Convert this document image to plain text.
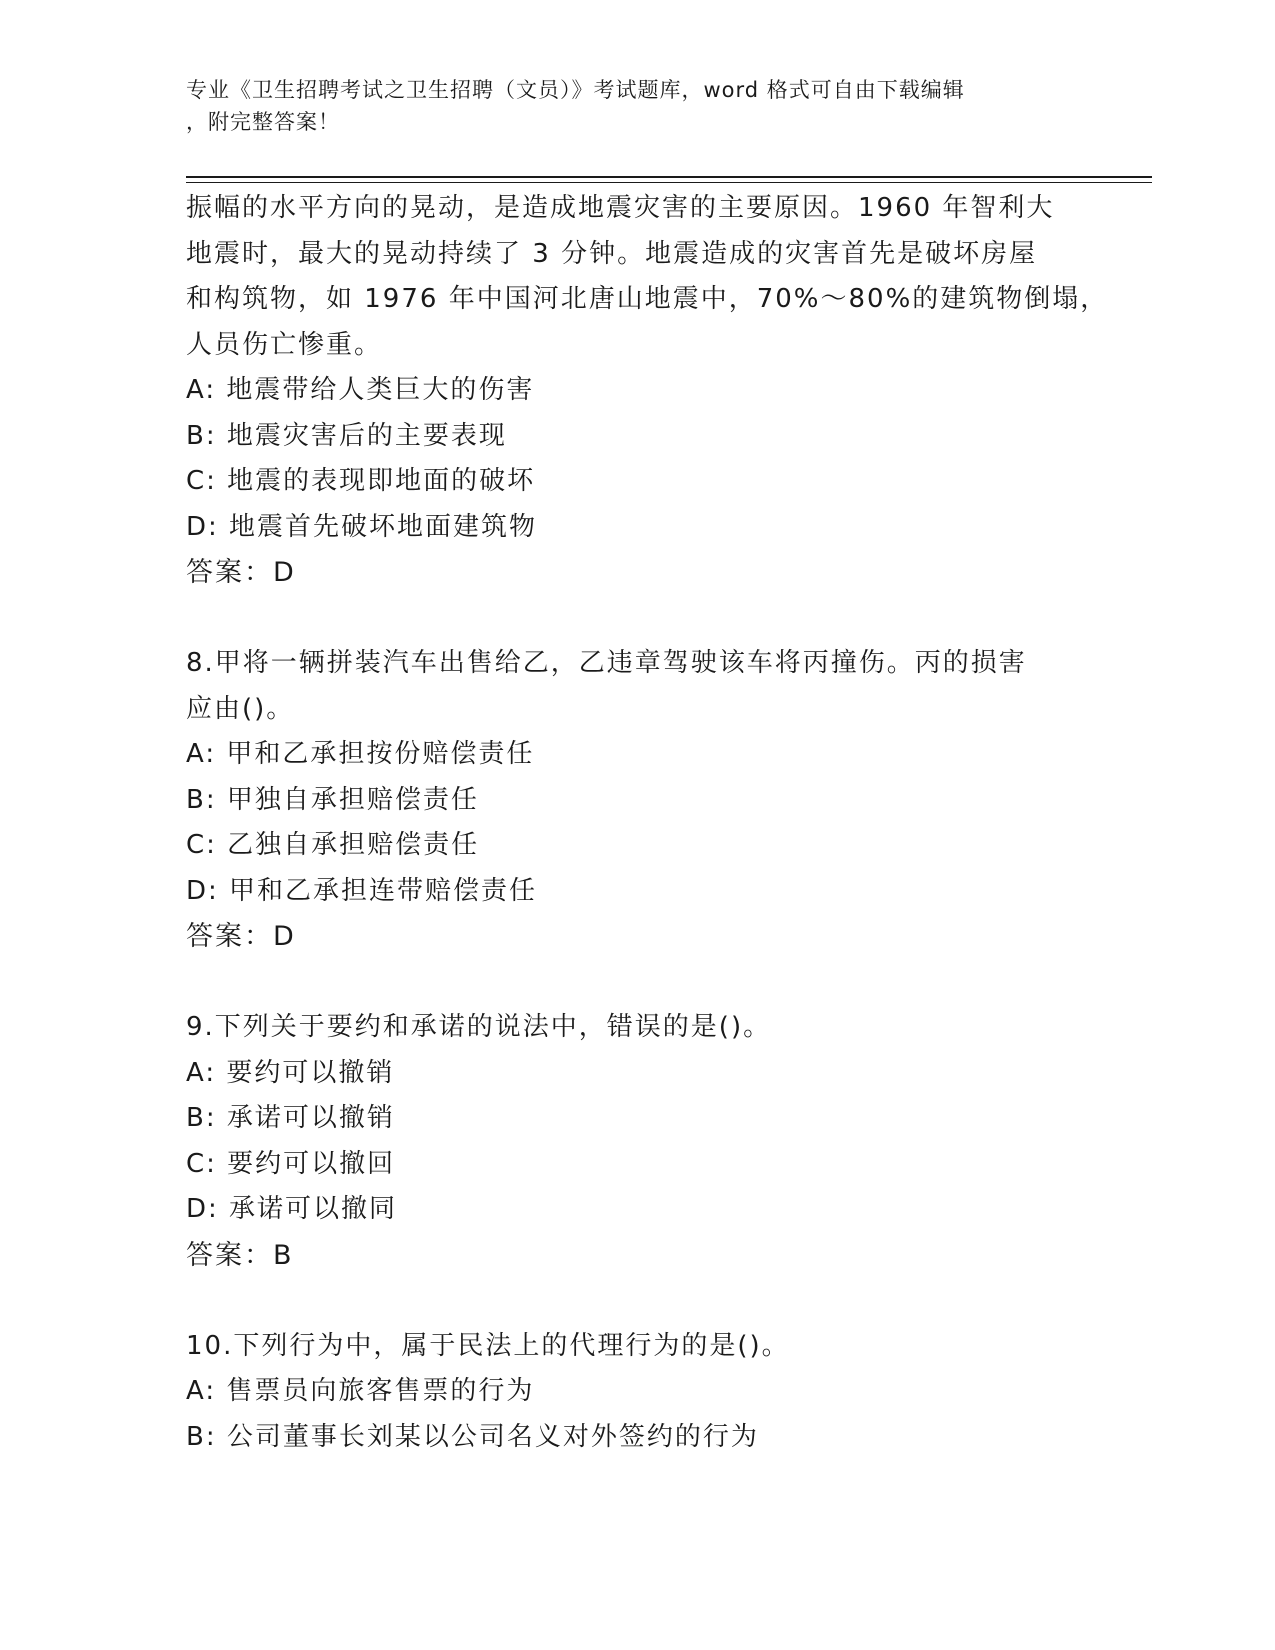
专业《卫生招聘考试之卫生招聘（文员）》考试题库，word 格式可自由下载编辑
，附完整答案！
振幅的水平方向的晃动，是造成地震灾害的主要原因。1960 年智利大
地震时，最大的晃动持续了 3 分钟。地震造成的灾害首先是破坏房屋
和构筑物，如 1976 年中国河北唐山地震中，70%～80%的建筑物倒塌，
人员伤亡惨重。
A: 地震带给人类巨大的伤害
B: 地震灾害后的主要表现
C: 地震的表现即地面的破坏
D: 地震首先破坏地面建筑物
答案：D
8.甲将一辆拼装汽车出售给乙，乙违章驾驶该车将丙撞伤。丙的损害
应由()。
A: 甲和乙承担按份赔偿责任
B: 甲独自承担赔偿责任
C: 乙独自承担赔偿责任
D: 甲和乙承担连带赔偿责任
答案：D
9.下列关于要约和承诺的说法中，错误的是()。
A: 要约可以撤销
B: 承诺可以撤销
C: 要约可以撤回
D: 承诺可以撤同
答案：B
10.下列行为中，属于民法上的代理行为的是()。
A: 售票员向旅客售票的行为
B: 公司董事长刘某以公司名义对外签约的行为
